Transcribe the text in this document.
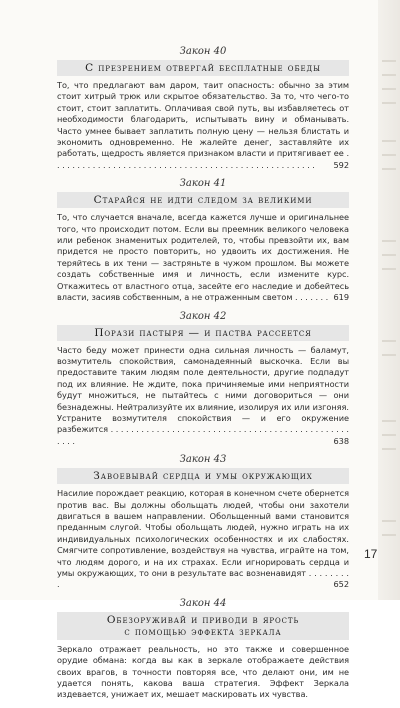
Закон 40
С презрением отвергай бесплатные обеды

То, что предлагают вам даром, таит опасность: обычно за этим стоит хитрый трюк или скрытое обязательство. За то, что чего-то стоит, стоит заплатить. Оплачивая свой путь, вы избавляетесь от необходимости благодарить, испытывать вину и обманывать. Часто умнее бывает заплатить полную цену — нельзя блистать и экономить одновременно. Не жалейте денег, заставляйте их работать, щедрость является признаком власти и притягивает ее . . . . . . . . . . . . . . . . . . . . . . . . . . . . . . . . . . . . . . . . . . . . . . . . . . . . 592

Закон 41
Старайся не идти следом за великими

То, что случается вначале, всегда кажется лучше и оригинальнее того, что происходит потом. Если вы преемник великого человека или ребенок знаменитых родителей, то, чтобы превзойти их, вам придется не просто повторить, но удвоить их достижения. Не теряйтесь в их тени — застряньте в чужом прошлом. Вы можете создать собственные имя и личность, если измените курс. Откажитесь от властного отца, засейте его наследие и добейтесь власти, засияв собственным, а не отраженным светом . . . . . . . 619

Закон 42
Порази пастыря — и паства рассеется

Часто беду может принести одна сильная личность — баламут, возмутитель спокойствия, самонадеянный выскочка. Если вы предоставите таким людям поле деятельности, другие подпадут под их влияние. Не ждите, пока причиняемые ими неприятности будут множиться, не пытайтесь с ними договориться — они безнадежны. Нейтрализуйте их влияние, изолируя их или изгоняя. Устраните возмутителя спокойствия — и его окружение разбежится . . . . . . . . . . . . . . . . . . . . . . . . . . . . . . . . . . . . . . . . . . . . . . . . . . .	638

Закон 43
Завоевывай сердца и умы окружающих

Насилие порождает реакцию, которая в конечном счете обернется против вас. Вы должны обольщать людей, чтобы они захотели двигаться в вашем направлении. Обольщенный вами становится преданным слугой. Чтобы обольщать людей, нужно играть на их индивидуальных психологических особенностях и их слабостях. Смягчите сопротивление, воздействуя на чувства, играйте на том, что людям дорого, и на их страхах. Если игнорировать сердца и умы окружающих, то они в результате вас возненавидят . . . . . . . . .	652

Закон 44
Обезоруживай и приводи в ярость
с помощью эффекта зеркала

Зеркало отражает реальность, но это также и совершенное орудие обмана: когда вы как в зеркале отображаете действия своих врагов, в точности повторяя все, что делают они, им не удается понять, какова ваша стратегия. Эффект Зеркала издевается, унижает их, мешает маскировать их чувства.

17
